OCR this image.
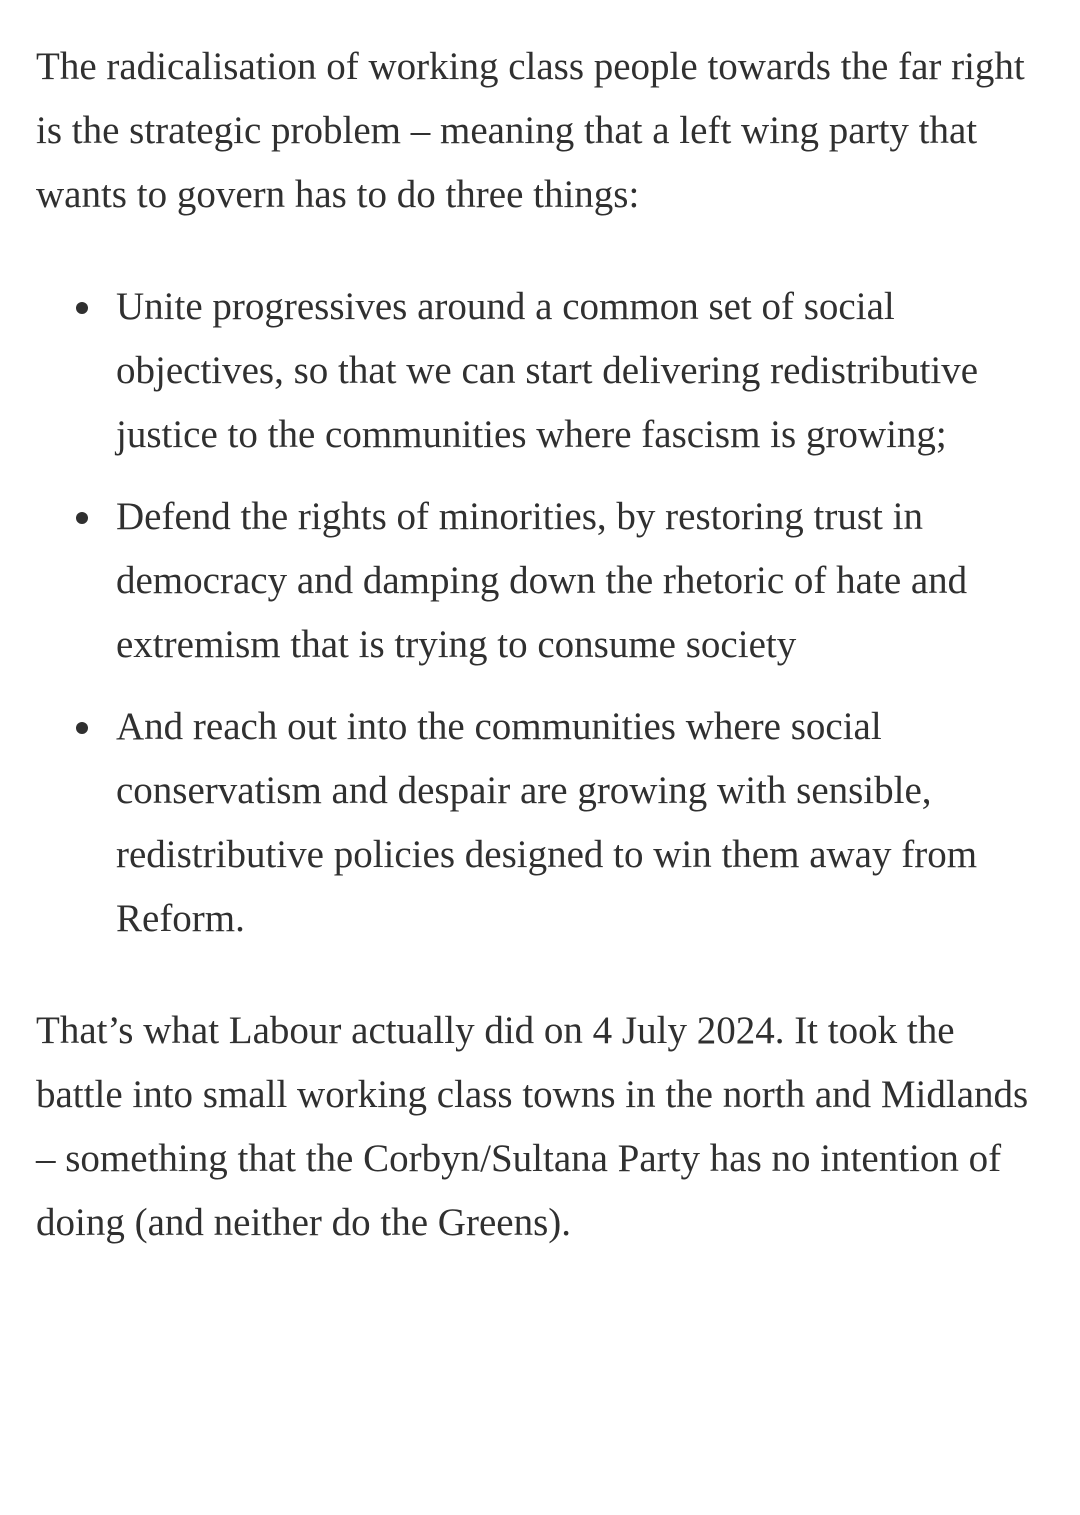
The radicalisation of working class people towards the far right is the strategic problem – meaning that a left wing party that wants to govern has to do three things:

Unite progressives around a common set of social objectives, so that we can start delivering redistributive justice to the communities where fascism is growing;
Defend the rights of minorities, by restoring trust in democracy and damping down the rhetoric of hate and extremism that is trying to consume society
And reach out into the communities where social conservatism and despair are growing with sensible, redistributive policies designed to win them away from Reform.

That’s what Labour actually did on 4 July 2024. It took the battle into small working class towns in the north and Midlands – something that the Corbyn/Sultana Party has no intention of doing (and neither do the Greens).
